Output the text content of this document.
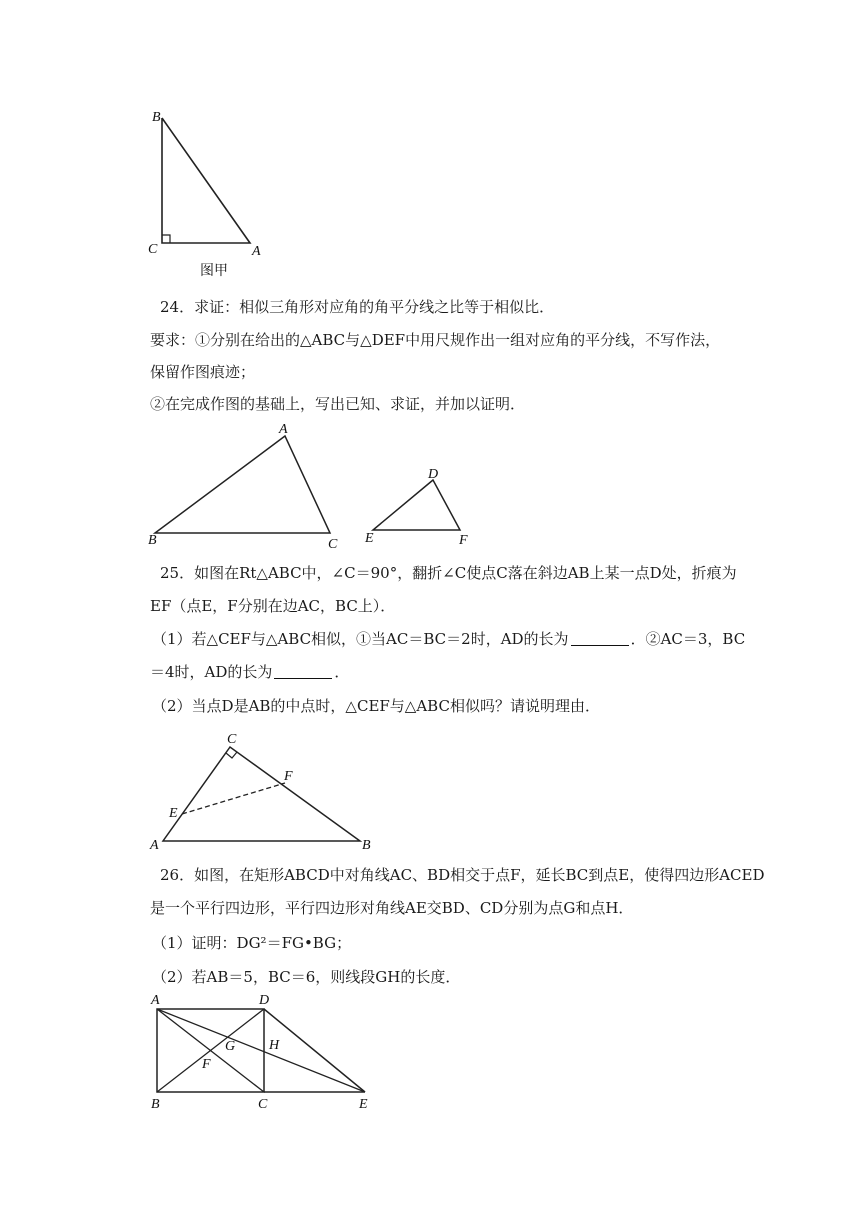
B
C	A
图甲
24．求证：相似三角形对应角的角平分线之比等于相似比．
要求：①分别在给出的△ABC与△DEF中用尺规作出一组对应角的平分线，不写作法，
保留作图痕迹；
②在完成作图的基础上，写出已知、求证，并加以证明．
A
B	C
D
E	F
25．如图在Rt△ABC中，∠C＝90°，翻折∠C使点C落在斜边AB上某一点D处，折痕为
EF（点E，F分别在边AC，BC上）．
（1）若△CEF与△ABC相似，①当AC＝BC＝2时，AD的长为	．②AC＝3，BC
＝4时，AD的长为	．
（2）当点D是AB的中点时，△CEF与△ABC相似吗？请说明理由．
C
F
E
A	B
26．如图，在矩形ABCD中对角线AC、BD相交于点F，延长BC到点E，使得四边形ACED
是一个平行四边形，平行四边形对角线AE交BD、CD分别为点G和点H．
（1）证明：DG²＝FG•BG；
（2）若AB＝5，BC＝6，则线段GH的长度．
A	D
B	C	E
F
G H
